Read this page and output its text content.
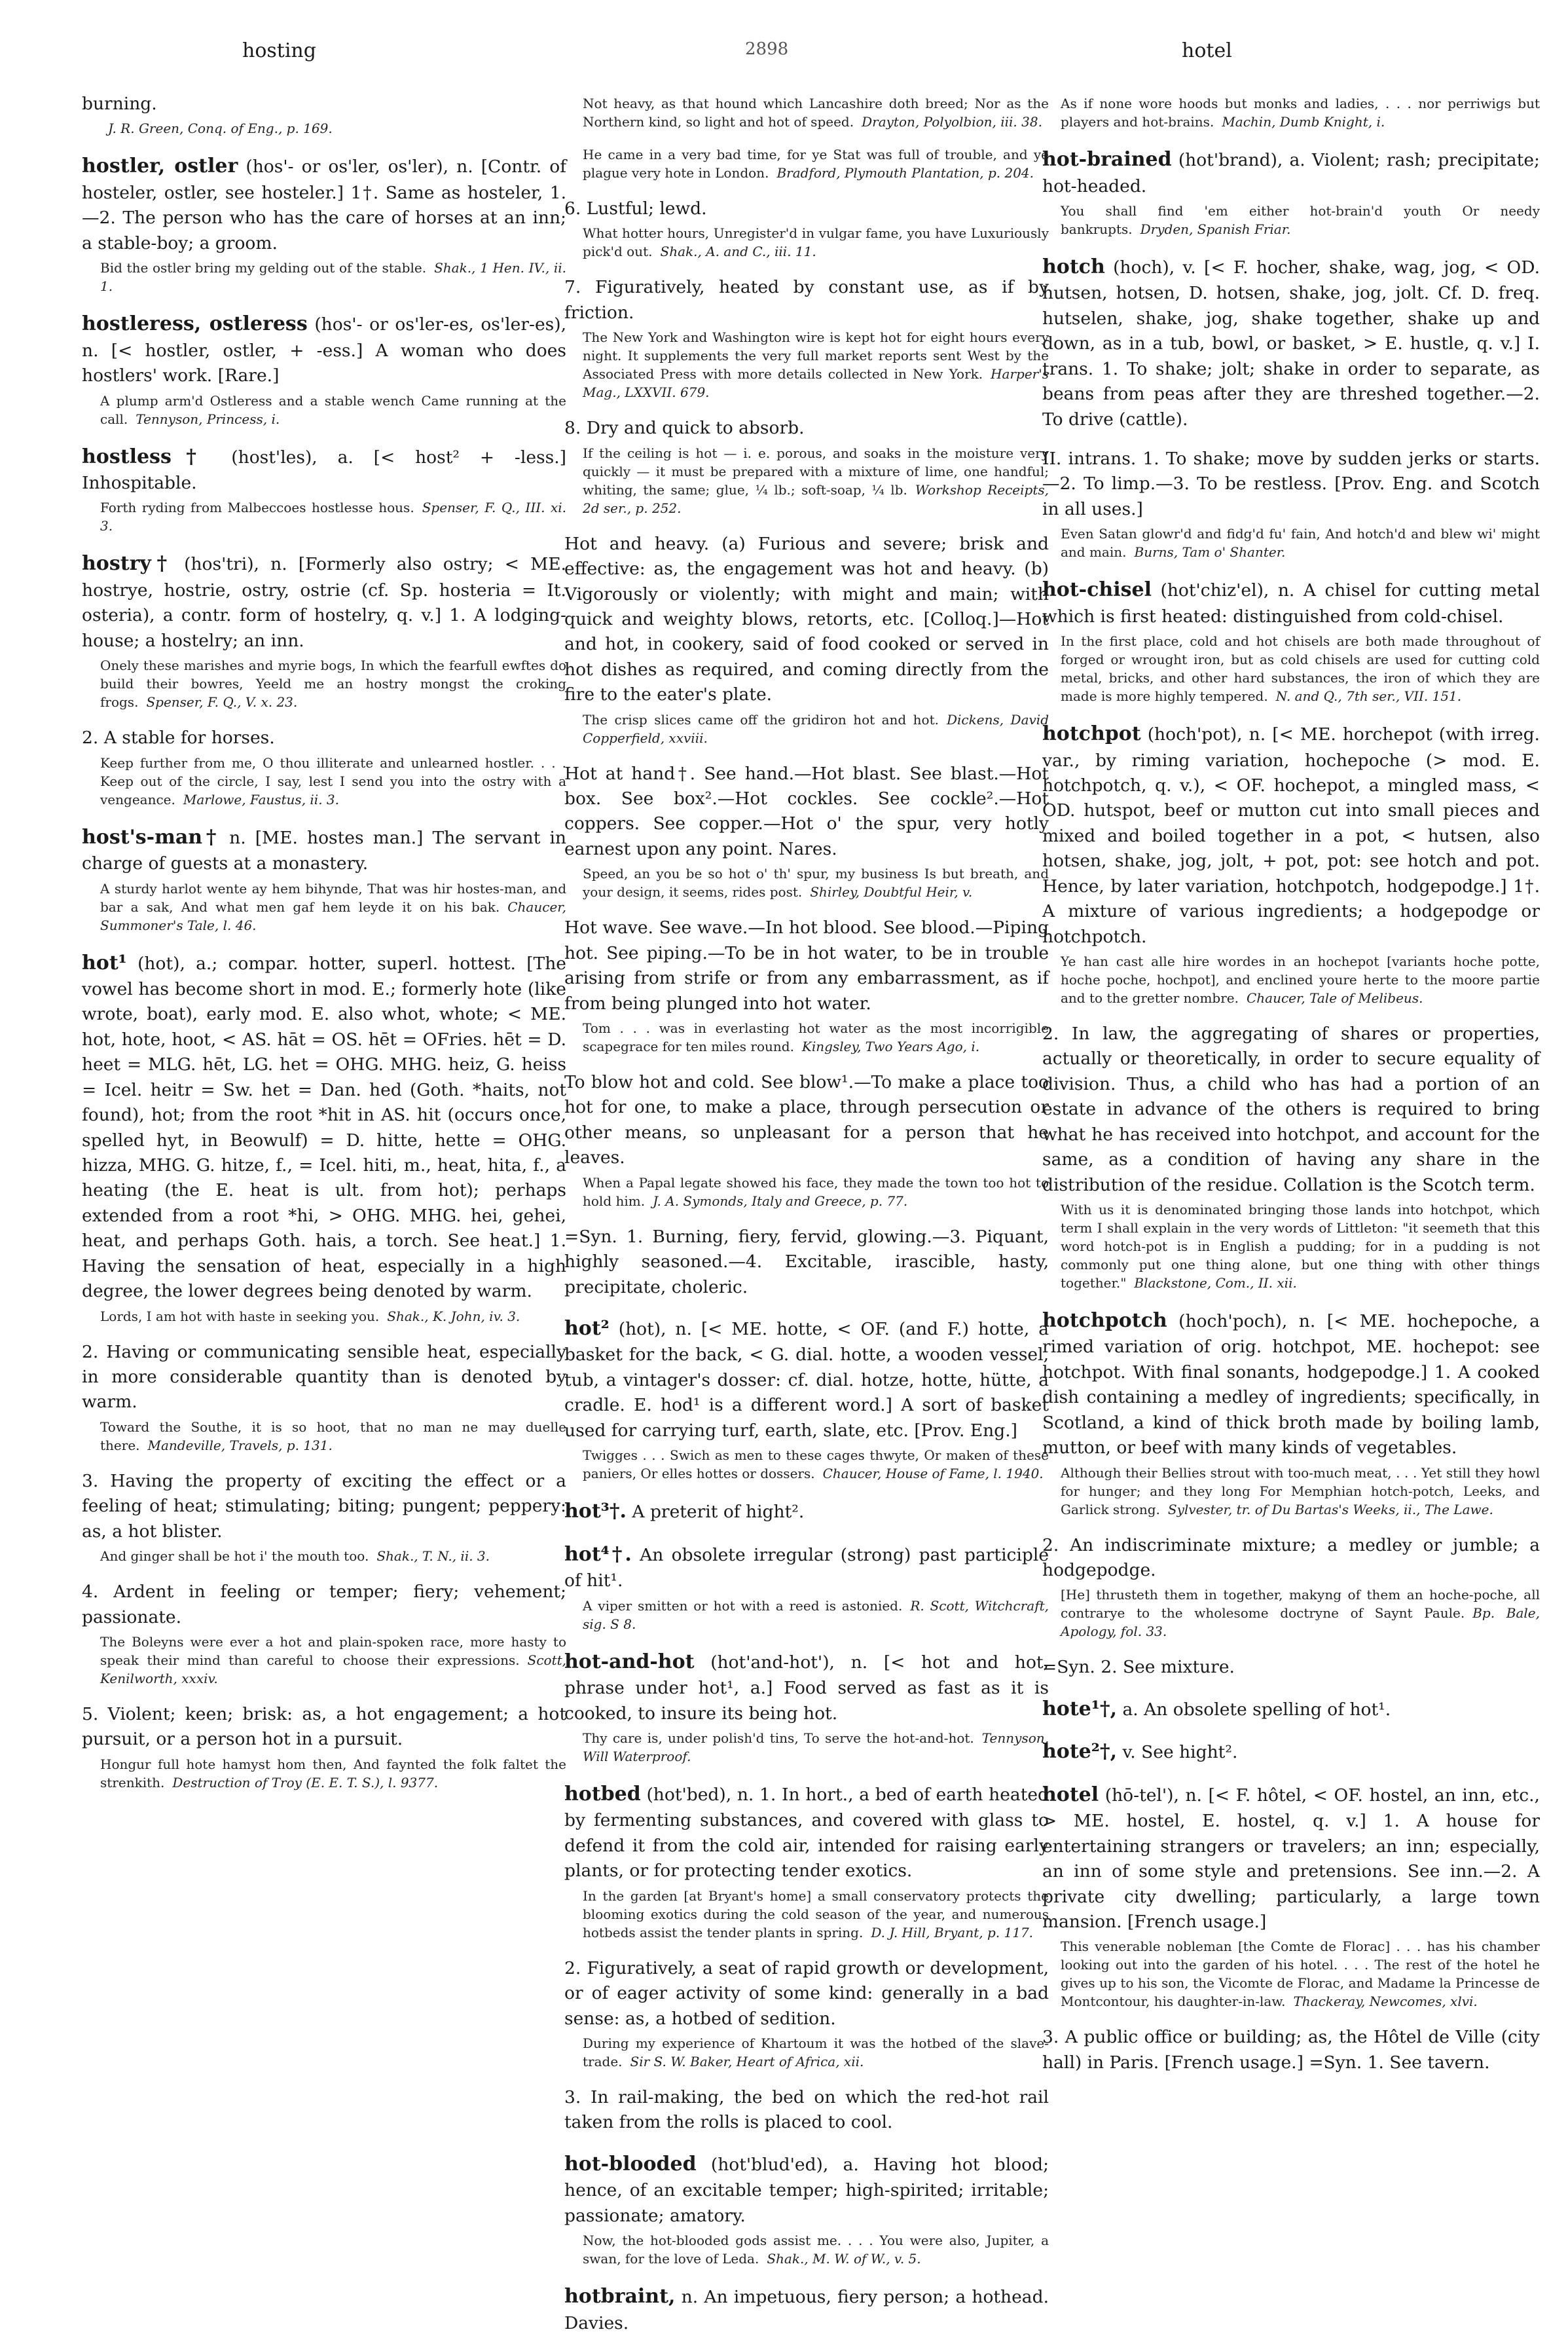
hosting	2898	hotel
burning.
J. R. Green, Conq. of Eng., p. 169.
hostler, ostler (hos'- or os'ler, os'ler), n. [Contr. of hosteler, ostler, see hosteler.] 1†. Same as hosteler, 1.—2. The person who has the care of horses at an inn; a stable-boy; a groom.
Bid the ostler bring my gelding out of the stable. Shak., 1 Hen. IV., ii. 1.
hostleress, ostleress (hos'- or os'ler-es, os'ler-es), n. [< hostler, ostler, + -ess.] A woman who does hostlers' work. [Rare.]
A plump arm'd Ostleress and a stable wench Came running at the call. Tennyson, Princess, i.
hostless† (host'les), a. [< host² + -less.] Inhospitable.
Forth ryding from Malbeccoes hostlesse hous. Spenser, F. Q., III. xi. 3.
hostry† (hos'tri), n. [Formerly also ostry; < ME. hostrye, hostrie, ostry, ostrie (cf. Sp. hosteria = It. osteria), a contr. form of hostelry, q. v.] 1. A lodging-house; a hostelry; an inn.
Onely these marishes and myrie bogs, In which the fearfull ewftes do build their bowres, Yeeld me an hostry mongst the croking frogs. Spenser, F. Q., V. x. 23.
2. A stable for horses.
Keep further from me, O thou illiterate and unlearned hostler. . . . Keep out of the circle, I say, lest I send you into the ostry with a vengeance. Marlowe, Faustus, ii. 3.
host's-man† n. [ME. hostes man.] The servant in charge of guests at a monastery.
A sturdy harlot wente ay hem bihynde, That was hir hostes-man, and bar a sak, And what men gaf hem leyde it on his bak. Chaucer, Summoner's Tale, l. 46.
hot¹ (hot), a.; compar. hotter, superl. hottest. [The vowel has become short in mod. E.; formerly hote (like wrote, boat), early mod. E. also whot, whote; < ME. hot, hote, hoot, < AS. hāt = OS. hēt = OFries. hēt = D. heet = MLG. hēt, LG. het = OHG. MHG. heiz, G. heiss = Icel. heitr = Sw. het = Dan. hed (Goth. *haits, not found), hot; from the root *hit in AS. hit (occurs once, spelled hyt, in Beowulf) = D. hitte, hette = OHG. hizza, MHG. G. hitze, f., = Icel. hiti, m., heat, hita, f., a heating (the E. heat is ult. from hot); perhaps extended from a root *hi, > OHG. MHG. hei, gehei, heat, and perhaps Goth. hais, a torch. See heat.] 1. Having the sensation of heat, especially in a high degree, the lower degrees being denoted by warm.
Lords, I am hot with haste in seeking you. Shak., K. John, iv. 3.
2. Having or communicating sensible heat, especially in more considerable quantity than is denoted by warm.
Toward the Southe, it is so hoot, that no man ne may duelle there. Mandeville, Travels, p. 131.
3. Having the property of exciting the effect or a feeling of heat; stimulating; biting; pungent; peppery: as, a hot blister.
And ginger shall be hot i' the mouth too. Shak., T. N., ii. 3.
4. Ardent in feeling or temper; fiery; vehement; passionate.
The Boleyns were ever a hot and plain-spoken race, more hasty to speak their mind than careful to choose their expressions. Scott, Kenilworth, xxxiv.
5. Violent; keen; brisk: as, a hot engagement; a hot pursuit, or a person hot in a pursuit.
Hongur full hote hamyst hom then, And faynted the folk faltet the strenkith. Destruction of Troy (E. E. T. S.), l. 9377.
Not heavy, as that hound which Lancashire doth breed; Nor as the Northern kind, so light and hot of speed. Drayton, Polyolbion, iii. 38.
He came in a very bad time, for ye Stat was full of trouble, and ye plague very hote in London. Bradford, Plymouth Plantation, p. 204.
6. Lustful; lewd.
What hotter hours, Unregister'd in vulgar fame, you have Luxuriously pick'd out. Shak., A. and C., iii. 11.
7. Figuratively, heated by constant use, as if by friction.
The New York and Washington wire is kept hot for eight hours every night. It supplements the very full market reports sent West by the Associated Press with more details collected in New York. Harper's Mag., LXXVII. 679.
8. Dry and quick to absorb.
If the ceiling is hot — i. e. porous, and soaks in the moisture very quickly — it must be prepared with a mixture of lime, one handful; whiting, the same; glue, ¼ lb.; soft-soap, ¼ lb. Workshop Receipts, 2d ser., p. 252.
Hot and heavy. (a) Furious and severe; brisk and effective: as, the engagement was hot and heavy. (b) Vigorously or violently; with might and main; with quick and weighty blows, retorts, etc. [Colloq.]—Hot and hot, in cookery, said of food cooked or served in hot dishes as required, and coming directly from the fire to the eater's plate.
The crisp slices came off the gridiron hot and hot. Dickens, David Copperfield, xxviii.
Hot at hand†. See hand.—Hot blast. See blast.—Hot box. See box².—Hot cockles. See cockle².—Hot coppers. See copper.—Hot o' the spur, very hotly earnest upon any point. Nares.
Speed, an you be so hot o' th' spur, my business Is but breath, and your design, it seems, rides post. Shirley, Doubtful Heir, v.
Hot wave. See wave.—In hot blood. See blood.—Piping hot. See piping.—To be in hot water, to be in trouble arising from strife or from any embarrassment, as if from being plunged into hot water.
Tom . . . was in everlasting hot water as the most incorrigible scapegrace for ten miles round. Kingsley, Two Years Ago, i.
To blow hot and cold. See blow¹.—To make a place too hot for one, to make a place, through persecution or other means, so unpleasant for a person that he leaves.
When a Papal legate showed his face, they made the town too hot to hold him. J. A. Symonds, Italy and Greece, p. 77.
=Syn. 1. Burning, fiery, fervid, glowing.—3. Piquant, highly seasoned.—4. Excitable, irascible, hasty, precipitate, choleric.
hot² (hot), n. [< ME. hotte, < OF. (and F.) hotte, a basket for the back, < G. dial. hotte, a wooden vessel, tub, a vintager's dosser: cf. dial. hotze, hotte, hütte, a cradle. E. hod¹ is a different word.] A sort of basket used for carrying turf, earth, slate, etc. [Prov. Eng.]
Twigges . . . Swich as men to these cages thwyte, Or maken of these paniers, Or elles hottes or dossers. Chaucer, House of Fame, l. 1940.
hot³†. A preterit of hight².
hot⁴†. An obsolete irregular (strong) past participle of hit¹.
A viper smitten or hot with a reed is astonied. R. Scott, Witchcraft, sig. S 8.
hot-and-hot (hot'and-hot'), n. [< hot and hot, phrase under hot¹, a.] Food served as fast as it is cooked, to insure its being hot.
Thy care is, under polish'd tins, To serve the hot-and-hot. Tennyson, Will Waterproof.
hotbed (hot'bed), n. 1. In hort., a bed of earth heated by fermenting substances, and covered with glass to defend it from the cold air, intended for raising early plants, or for protecting tender exotics.
In the garden [at Bryant's home] a small conservatory protects the blooming exotics during the cold season of the year, and numerous hotbeds assist the tender plants in spring. D. J. Hill, Bryant, p. 117.
2. Figuratively, a seat of rapid growth or development, or of eager activity of some kind: generally in a bad sense: as, a hotbed of sedition.
During my experience of Khartoum it was the hotbed of the slave-trade. Sir S. W. Baker, Heart of Africa, xii.
3. In rail-making, the bed on which the red-hot rail taken from the rolls is placed to cool.
hot-blooded (hot'blud'ed), a. Having hot blood; hence, of an excitable temper; high-spirited; irritable; passionate; amatory.
Now, the hot-blooded gods assist me. . . . You were also, Jupiter, a swan, for the love of Leda. Shak., M. W. of W., v. 5.
hotbraint, n. An impetuous, fiery person; a hothead. Davies.
As if none wore hoods but monks and ladies, . . . nor perriwigs but players and hot-brains. Machin, Dumb Knight, i.
hot-brained (hot'brand), a. Violent; rash; precipitate; hot-headed.
You shall find 'em either hot-brain'd youth Or needy bankrupts. Dryden, Spanish Friar.
hotch (hoch), v. [< F. hocher, shake, wag, jog, < OD. hutsen, hotsen, D. hotsen, shake, jog, jolt. Cf. D. freq. hutselen, shake, jog, shake together, shake up and down, as in a tub, bowl, or basket, > E. hustle, q. v.] I. trans. 1. To shake; jolt; shake in order to separate, as beans from peas after they are threshed together.—2. To drive (cattle).
II. intrans. 1. To shake; move by sudden jerks or starts.—2. To limp.—3. To be restless. [Prov. Eng. and Scotch in all uses.]
Even Satan glowr'd and fidg'd fu' fain, And hotch'd and blew wi' might and main. Burns, Tam o' Shanter.
hot-chisel (hot'chiz'el), n. A chisel for cutting metal which is first heated: distinguished from cold-chisel.
In the first place, cold and hot chisels are both made throughout of forged or wrought iron, but as cold chisels are used for cutting cold metal, bricks, and other hard substances, the iron of which they are made is more highly tempered. N. and Q., 7th ser., VII. 151.
hotchpot (hoch'pot), n. [< ME. horchepot (with irreg. var., by riming variation, hochepoche (> mod. E. hotchpotch, q. v.), < OF. hochepot, a mingled mass, < OD. hutspot, beef or mutton cut into small pieces and mixed and boiled together in a pot, < hutsen, also hotsen, shake, jog, jolt, + pot, pot: see hotch and pot. Hence, by later variation, hotchpotch, hodgepodge.] 1†. A mixture of various ingredients; a hodgepodge or hotchpotch.
Ye han cast alle hire wordes in an hochepot [variants hoche potte, hoche poche, hochpot], and enclined youre herte to the moore partie and to the gretter nombre. Chaucer, Tale of Melibeus.
2. In law, the aggregating of shares or properties, actually or theoretically, in order to secure equality of division. Thus, a child who has had a portion of an estate in advance of the others is required to bring what he has received into hotchpot, and account for the same, as a condition of having any share in the distribution of the residue. Collation is the Scotch term.
With us it is denominated bringing those lands into hotchpot, which term I shall explain in the very words of Littleton: "it seemeth that this word hotch-pot is in English a pudding; for in a pudding is not commonly put one thing alone, but one thing with other things together." Blackstone, Com., II. xii.
hotchpotch (hoch'poch), n. [< ME. hochepoche, a rimed variation of orig. hotchpot, ME. hochepot: see hotchpot. With final sonants, hodgepodge.] 1. A cooked dish containing a medley of ingredients; specifically, in Scotland, a kind of thick broth made by boiling lamb, mutton, or beef with many kinds of vegetables.
Although their Bellies strout with too-much meat, . . . Yet still they howl for hunger; and they long For Memphian hotch-potch, Leeks, and Garlick strong. Sylvester, tr. of Du Bartas's Weeks, ii., The Lawe.
2. An indiscriminate mixture; a medley or jumble; a hodgepodge.
[He] thrusteth them in together, makyng of them an hoche-poche, all contrarye to the wholesome doctryne of Saynt Paule. Bp. Bale, Apology, fol. 33.
=Syn. 2. See mixture.
hote¹†, a. An obsolete spelling of hot¹.
hote²†, v. See hight².
hotel (hō-tel'), n. [< F. hôtel, < OF. hostel, an inn, etc., > ME. hostel, E. hostel, q. v.] 1. A house for entertaining strangers or travelers; an inn; especially, an inn of some style and pretensions. See inn.—2. A private city dwelling; particularly, a large town mansion. [French usage.]
This venerable nobleman [the Comte de Florac] . . . has his chamber looking out into the garden of his hotel. . . . The rest of the hotel he gives up to his son, the Vicomte de Florac, and Madame la Princesse de Montcontour, his daughter-in-law. Thackeray, Newcomes, xlvi.
3. A public office or building; as, the Hôtel de Ville (city hall) in Paris. [French usage.] =Syn. 1. See tavern.
